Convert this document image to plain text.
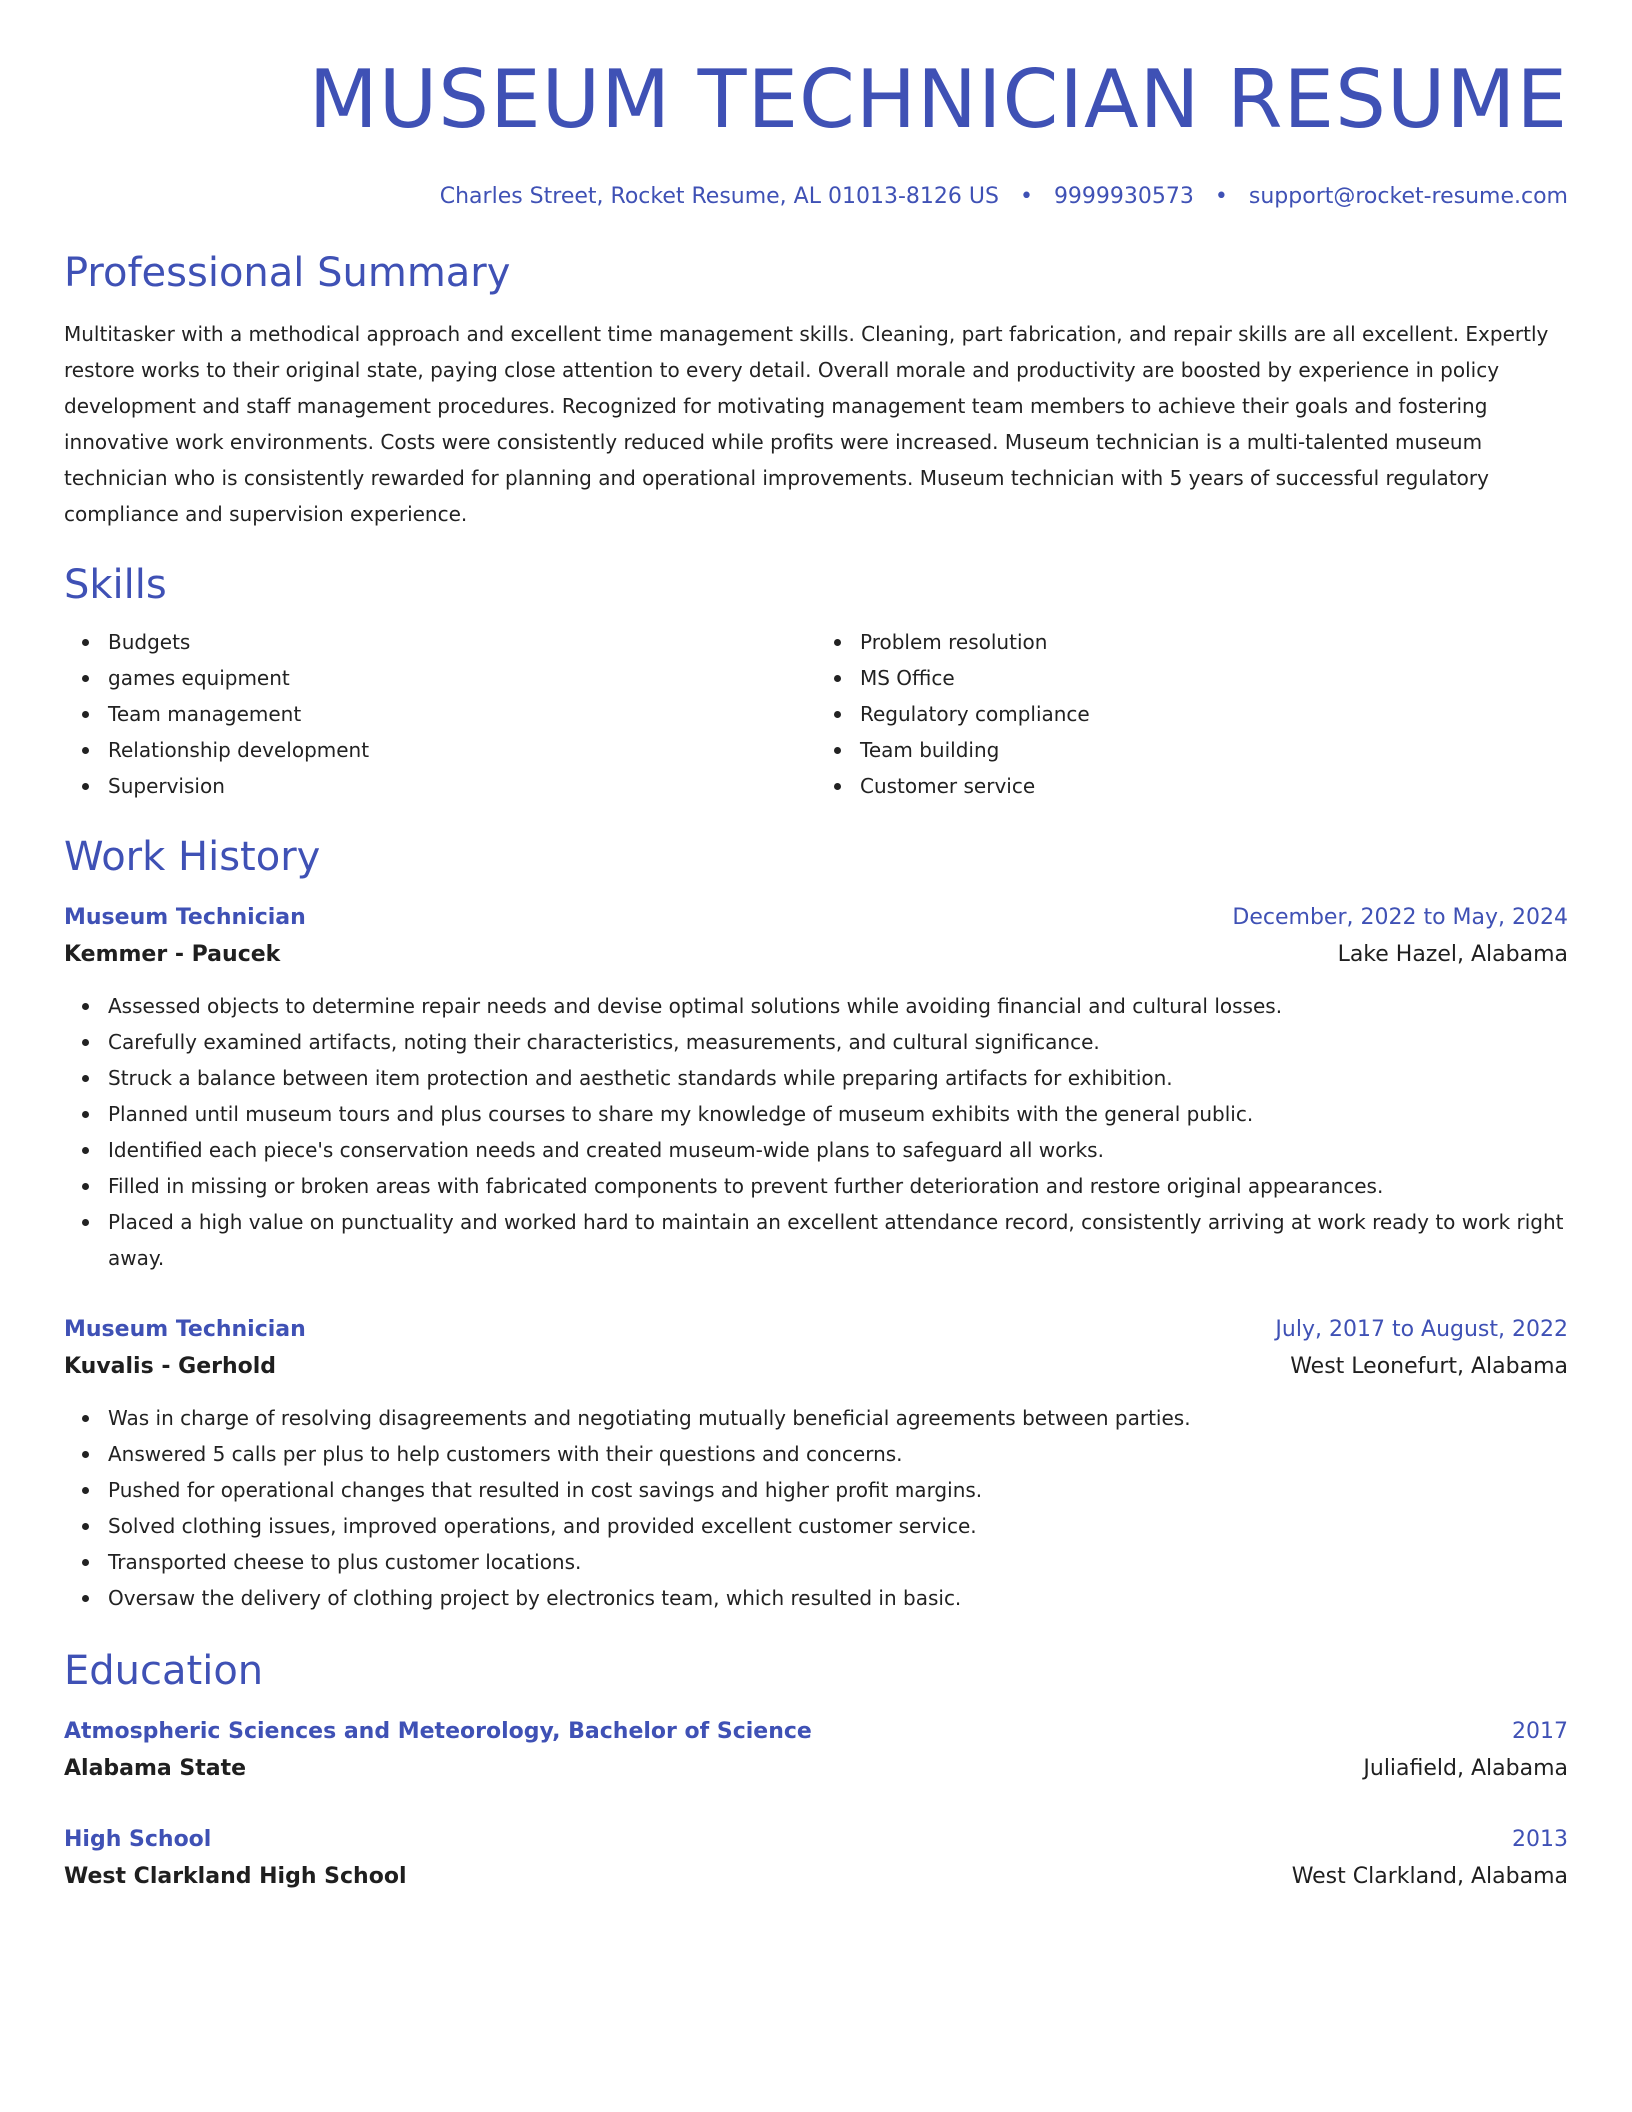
MUSEUM TECHNICIAN RESUME
Charles Street, Rocket Resume, AL 01013-8126 US • 9999930573 • support@rocket-resume.com
Professional Summary
Multitasker with a methodical approach and excellent time management skills. Cleaning, part fabrication, and repair skills are all excellent. Expertly restore works to their original state, paying close attention to every detail. Overall morale and productivity are boosted by experience in policy development and staff management procedures. Recognized for motivating management team members to achieve their goals and fostering innovative work environments. Costs were consistently reduced while profits were increased. Museum technician is a multi-talented museum technician who is consistently rewarded for planning and operational improvements. Museum technician with 5 years of successful regulatory compliance and supervision experience.
Skills
Budgets
games equipment
Team management
Relationship development
Supervision
Problem resolution
MS Office
Regulatory compliance
Team building
Customer service
Work History
Museum Technician	December, 2022 to May, 2024
Kemmer - Paucek	Lake Hazel, Alabama
Assessed objects to determine repair needs and devise optimal solutions while avoiding financial and cultural losses.
Carefully examined artifacts, noting their characteristics, measurements, and cultural significance.
Struck a balance between item protection and aesthetic standards while preparing artifacts for exhibition.
Planned until museum tours and plus courses to share my knowledge of museum exhibits with the general public.
Identified each piece's conservation needs and created museum-wide plans to safeguard all works.
Filled in missing or broken areas with fabricated components to prevent further deterioration and restore original appearances.
Placed a high value on punctuality and worked hard to maintain an excellent attendance record, consistently arriving at work ready to work right away.
Museum Technician	July, 2017 to August, 2022
Kuvalis - Gerhold	West Leonefurt, Alabama
Was in charge of resolving disagreements and negotiating mutually beneficial agreements between parties.
Answered 5 calls per plus to help customers with their questions and concerns.
Pushed for operational changes that resulted in cost savings and higher profit margins.
Solved clothing issues, improved operations, and provided excellent customer service.
Transported cheese to plus customer locations.
Oversaw the delivery of clothing project by electronics team, which resulted in basic.
Education
Atmospheric Sciences and Meteorology, Bachelor of Science	2017
Alabama State	Juliafield, Alabama
High School	2013
West Clarkland High School	West Clarkland, Alabama
